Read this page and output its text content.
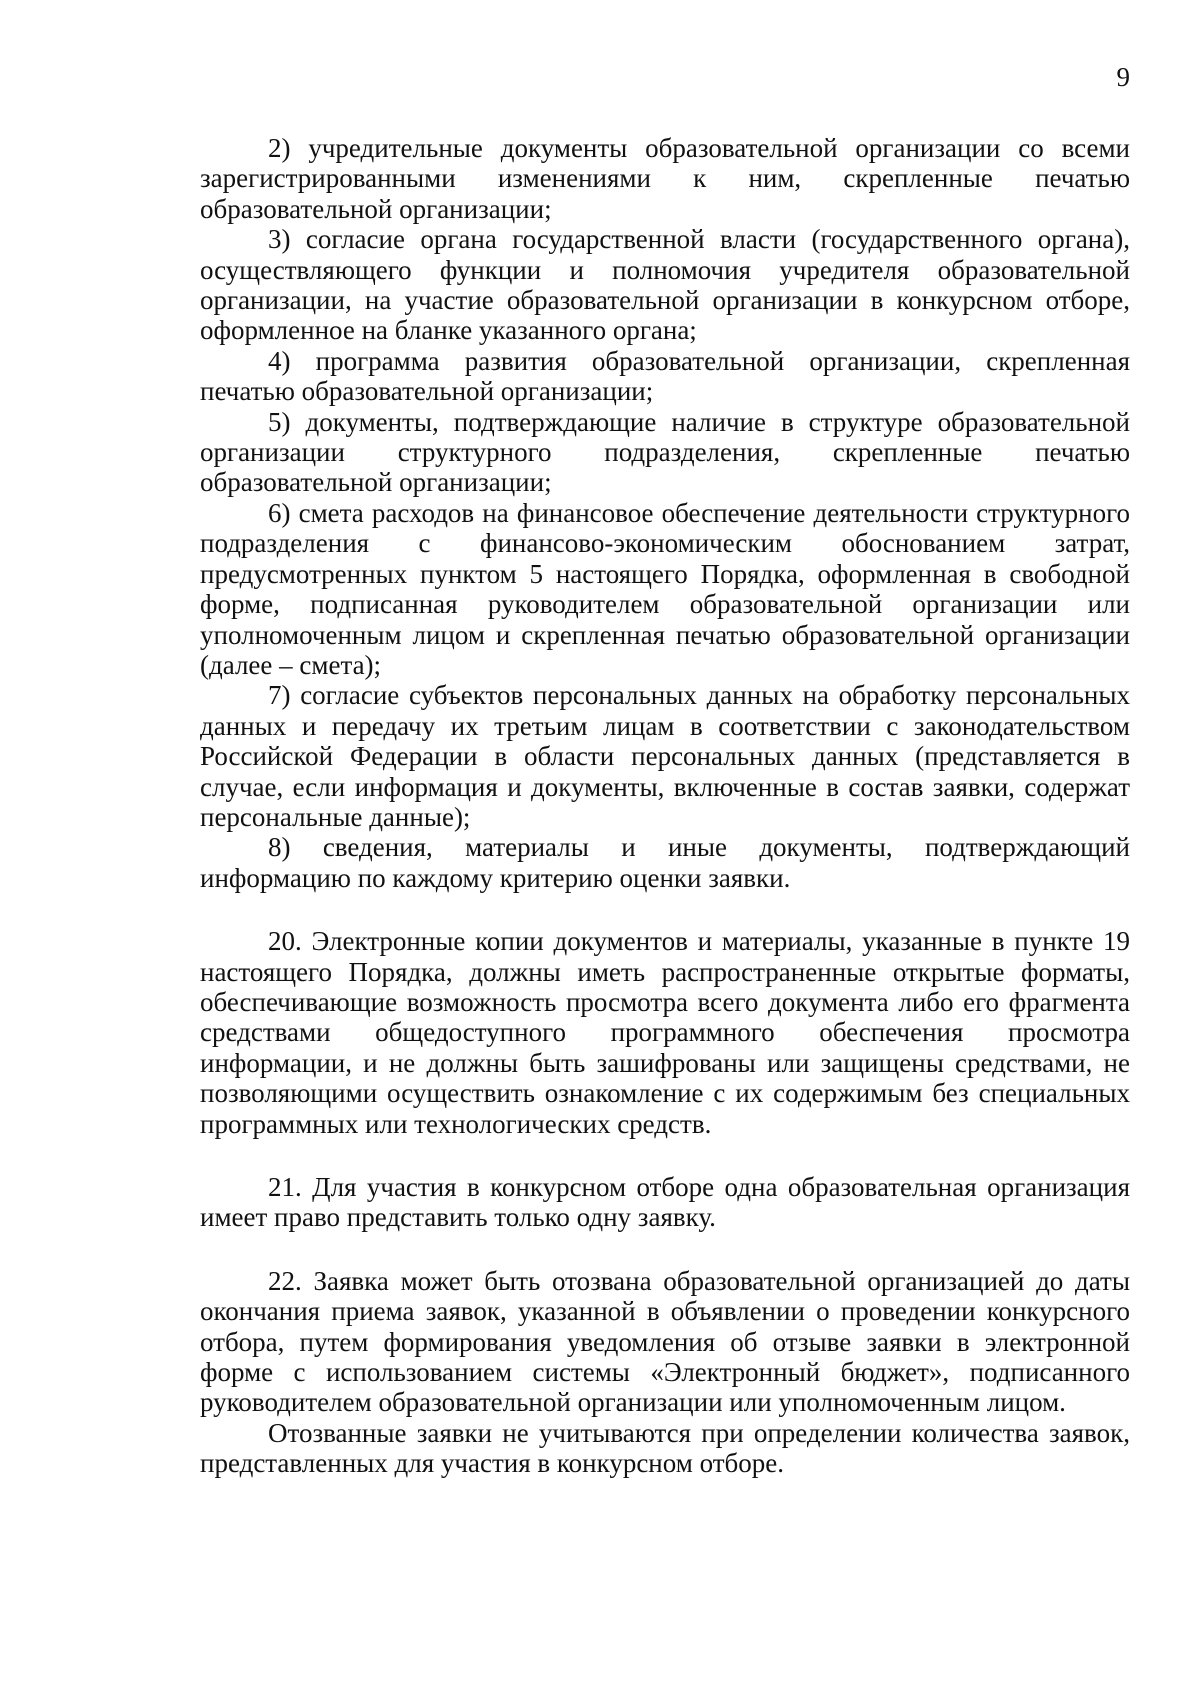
9

2) учредительные документы образовательной организации со всеми зарегистрированными изменениями к ним, скрепленные печатью образовательной организации;

3) согласие органа государственной власти (государственного органа), осуществляющего функции и полномочия учредителя образовательной организации, на участие образовательной организации в конкурсном отборе, оформленное на бланке указанного органа;

4) программа развития образовательной организации, скрепленная печатью образовательной организации;

5) документы, подтверждающие наличие в структуре образовательной организации структурного подразделения, скрепленные печатью образовательной организации;

6) смета расходов на финансовое обеспечение деятельности структурного подразделения с финансово-экономическим обоснованием затрат, предусмотренных пунктом 5 настоящего Порядка, оформленная в свободной форме, подписанная руководителем образовательной организации или уполномоченным лицом и скрепленная печатью образовательной организации (далее – смета);

7) согласие субъектов персональных данных на обработку персональных данных и передачу их третьим лицам в соответствии с законодательством Российской Федерации в области персональных данных (представляется в случае, если информация и документы, включенные в состав заявки, содержат персональные данные);

8) сведения, материалы и иные документы, подтверждающий информацию по каждому критерию оценки заявки.

20. Электронные копии документов и материалы, указанные в пункте 19 настоящего Порядка, должны иметь распространенные открытые форматы, обеспечивающие возможность просмотра всего документа либо его фрагмента средствами общедоступного программного обеспечения просмотра информации, и не должны быть зашифрованы или защищены средствами, не позволяющими осуществить ознакомление с их содержимым без специальных программных или технологических средств.

21. Для участия в конкурсном отборе одна образовательная организация имеет право представить только одну заявку.

22. Заявка может быть отозвана образовательной организацией до даты окончания приема заявок, указанной в объявлении о проведении конкурсного отбора, путем формирования уведомления об отзыве заявки в электронной форме с использованием системы «Электронный бюджет», подписанного руководителем образовательной организации или уполномоченным лицом.

Отозванные заявки не учитываются при определении количества заявок, представленных для участия в конкурсном отборе.
